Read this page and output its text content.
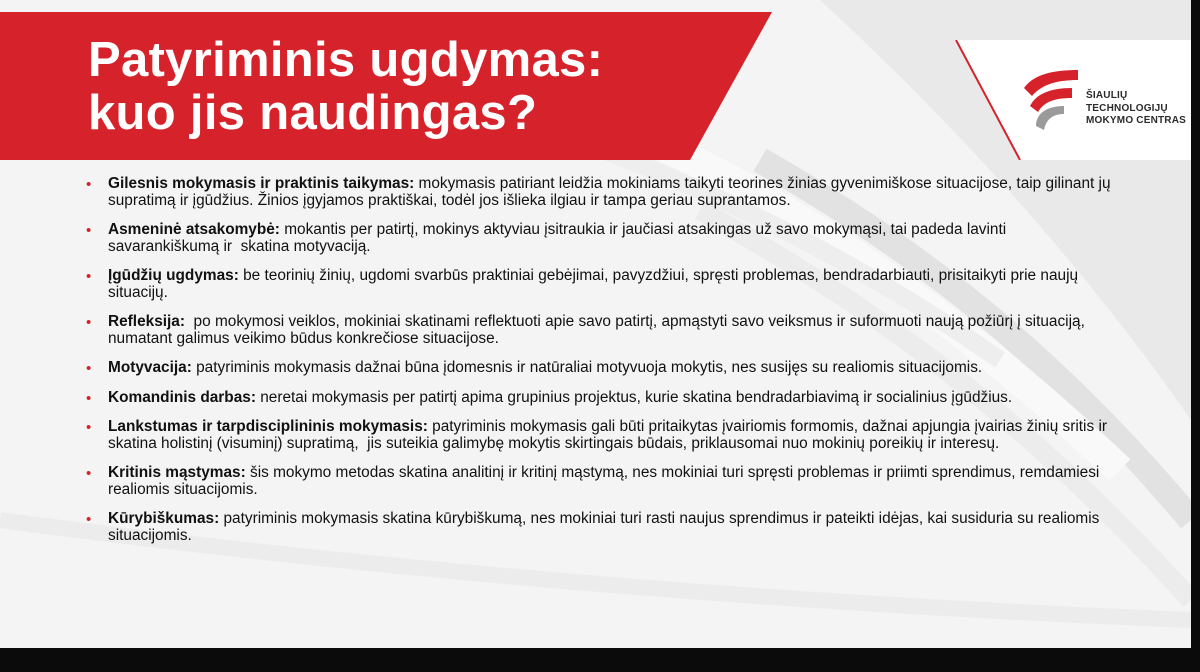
Patyriminis ugdymas:
kuo jis naudingas?	ŠIAULIŲ
TECHNOLOGIJŲ
MOKYMO CENTRAS
• Gilesnis mokymasis ir praktinis taikymas: mokymasis patiriant leidžia mokiniams taikyti teorines žinias gyvenimiškose situacijose, taip gilinant jų supratimą ir įgūdžius. Žinios įgyjamos praktiškai, todėl jos išlieka ilgiau ir tampa geriau suprantamos.
• Asmeninė atsakomybė: mokantis per patirtį, mokinys aktyviau įsitraukia ir jaučiasi atsakingas už savo mokymąsi, tai padeda lavinti savarankiškumą ir  skatina motyvaciją.
• Įgūdžių ugdymas: be teorinių žinių, ugdomi svarbūs praktiniai gebėjimai, pavyzdžiui, spręsti problemas, bendradarbiauti, prisitaikyti prie naujų situacijų.
• Refleksija:  po mokymosi veiklos, mokiniai skatinami reflektuoti apie savo patirtį, apmąstyti savo veiksmus ir suformuoti naują požiūrį į situaciją, numatant galimus veikimo būdus konkrečiose situacijose.
• Motyvacija: patyriminis mokymasis dažnai būna įdomesnis ir natūraliai motyvuoja mokytis, nes susijęs su realiomis situacijomis.
• Komandinis darbas: neretai mokymasis per patirtį apima grupinius projektus, kurie skatina bendradarbiavimą ir socialinius įgūdžius.
• Lankstumas ir tarpdisciplininis mokymasis: patyriminis mokymasis gali būti pritaikytas įvairiomis formomis, dažnai apjungia įvairias žinių sritis ir skatina holistinį (visuminį) supratimą,  jis suteikia galimybę mokytis skirtingais būdais, priklausomai nuo mokinių poreikių ir interesų.
• Kritinis mąstymas: šis mokymo metodas skatina analitinį ir kritinį mąstymą, nes mokiniai turi spręsti problemas ir priimti sprendimus, remdamiesi realiomis situacijomis.
• Kūrybiškumas: patyriminis mokymasis skatina kūrybiškumą, nes mokiniai turi rasti naujus sprendimus ir pateikti idėjas, kai susiduria su realiomis situacijomis.
